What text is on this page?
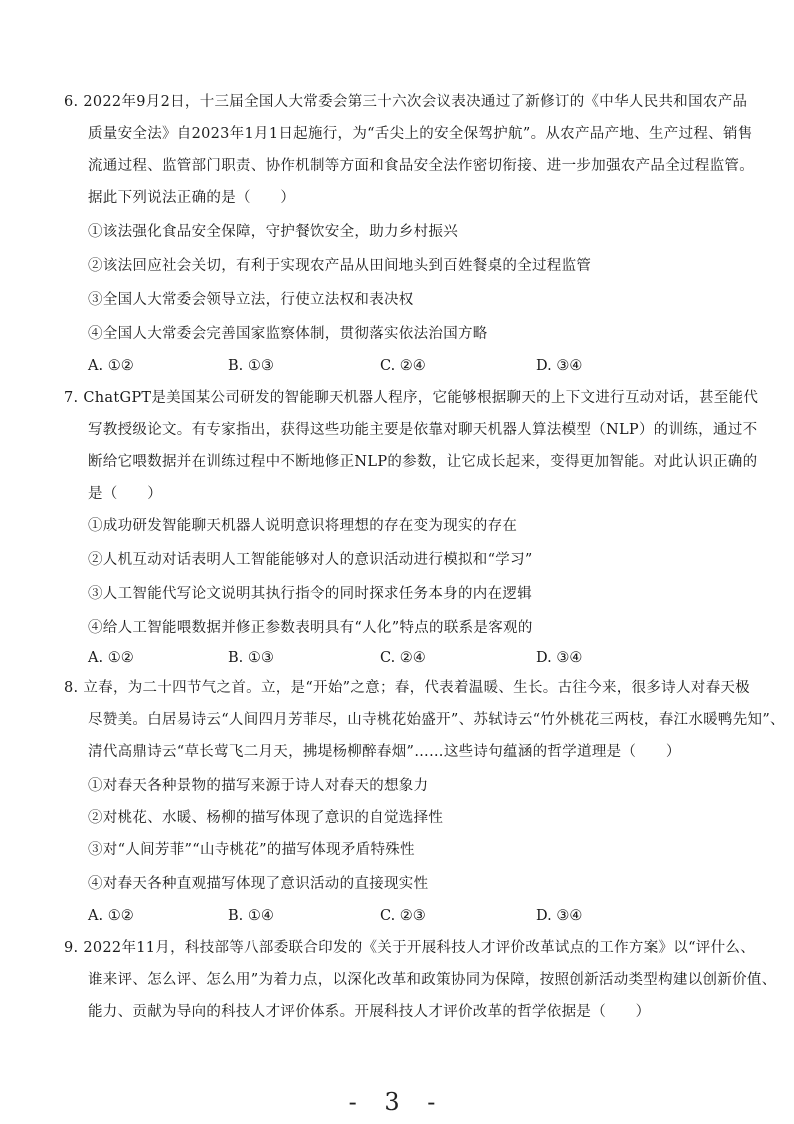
6. 2022年9月2日，十三届全国人大常委会第三十六次会议表决通过了新修订的《中华人民共和国农产品
质量安全法》自2023年1月1日起施行，为“舌尖上的安全保驾护航”。从农产品产地、生产过程、销售
流通过程、监管部门职责、协作机制等方面和食品安全法作密切衔接、进一步加强农产品全过程监管。
据此下列说法正确的是（　　）
①该法强化食品安全保障，守护餐饮安全，助力乡村振兴
②该法回应社会关切，有利于实现农产品从田间地头到百姓餐桌的全过程监管
③全国人大常委会领导立法，行使立法权和表决权
④全国人大常委会完善国家监察体制，贯彻落实依法治国方略
A. ①②	B. ①③	C. ②④	D. ③④
7. ChatGPT是美国某公司研发的智能聊天机器人程序，它能够根据聊天的上下文进行互动对话，甚至能代
写教授级论文。有专家指出，获得这些功能主要是依靠对聊天机器人算法模型（NLP）的训练，通过不
断给它喂数据并在训练过程中不断地修正NLP的参数，让它成长起来，变得更加智能。对此认识正确的
是（　　）
①成功研发智能聊天机器人说明意识将理想的存在变为现实的存在
②人机互动对话表明人工智能能够对人的意识活动进行模拟和“学习”
③人工智能代写论文说明其执行指令的同时探求任务本身的内在逻辑
④给人工智能喂数据并修正参数表明具有“人化”特点的联系是客观的
A. ①②	B. ①③	C. ②④	D. ③④
8. 立春，为二十四节气之首。立，是“开始”之意；春，代表着温暖、生长。古往今来，很多诗人对春天极
尽赞美。白居易诗云“人间四月芳菲尽，山寺桃花始盛开”、苏轼诗云“竹外桃花三两枝，春江水暖鸭先知”、
清代高鼎诗云“草长莺飞二月天，拂堤杨柳醉春烟”……这些诗句蕴涵的哲学道理是（　　）
①对春天各种景物的描写来源于诗人对春天的想象力
②对桃花、水暖、杨柳的描写体现了意识的自觉选择性
③对“人间芳菲”“山寺桃花”的描写体现矛盾特殊性
④对春天各种直观描写体现了意识活动的直接现实性
A. ①②	B. ①④	C. ②③	D. ③④
9. 2022年11月，科技部等八部委联合印发的《关于开展科技人才评价改革试点的工作方案》以“评什么、
谁来评、怎么评、怎么用”为着力点，以深化改革和政策协同为保障，按照创新活动类型构建以创新价值、
能力、贡献为导向的科技人才评价体系。开展科技人才评价改革的哲学依据是（　　）
- 3 -
